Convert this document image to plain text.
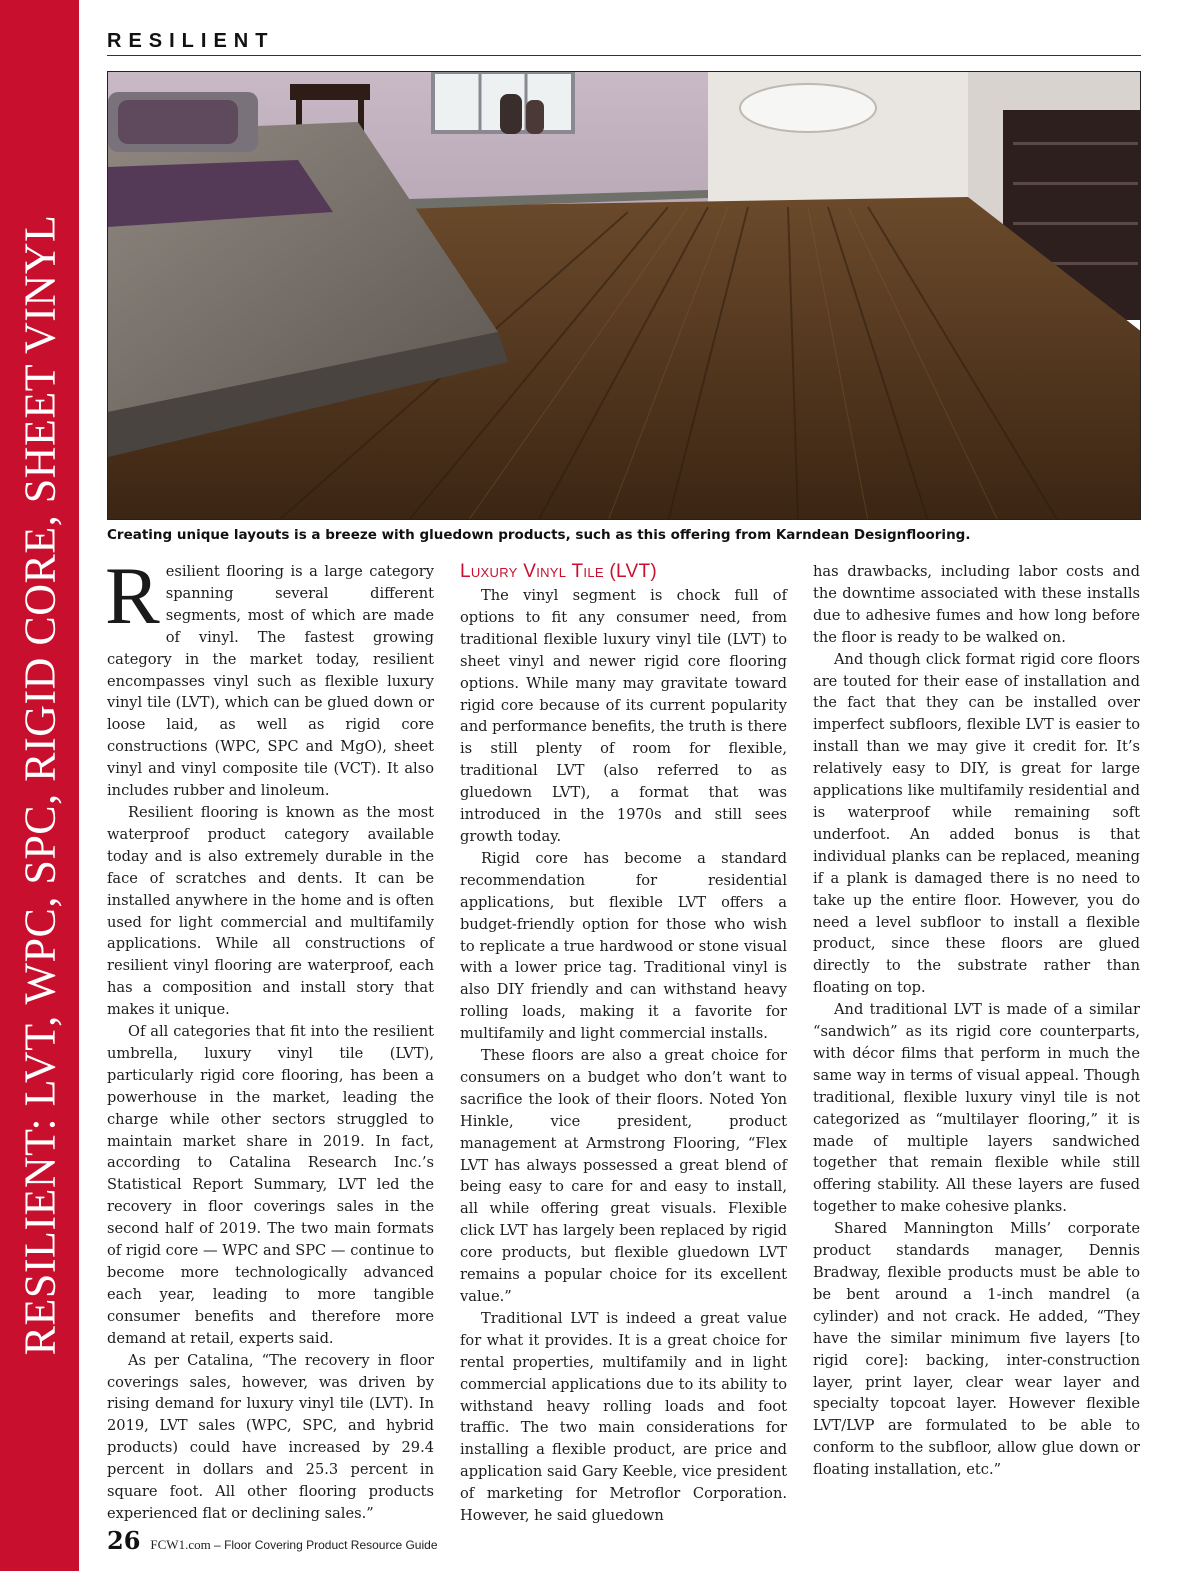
RESILIENT: LVT, WPC, SPC, RIGID CORE, SHEET VINYL
RESILIENT
Creating unique layouts is a breeze with gluedown products, such as this offering from Karndean Designflooring.

Resilient flooring is a large category spanning several different segments, most of which are made of vinyl. The fastest growing category in the market today, resilient encompasses vinyl such as flexible luxury vinyl tile (LVT), which can be glued down or loose laid, as well as rigid core constructions (WPC, SPC and MgO), sheet vinyl and vinyl composite tile (VCT). It also includes rubber and linoleum.

Resilient flooring is known as the most waterproof product category available today and is also extremely durable in the face of scratches and dents. It can be installed anywhere in the home and is often used for light commercial and multifamily applications. While all constructions of resilient vinyl flooring are waterproof, each has a composition and install story that makes it unique.

Of all categories that fit into the resilient umbrella, luxury vinyl tile (LVT), particularly rigid core flooring, has been a powerhouse in the market, leading the charge while other sectors struggled to maintain market share in 2019. In fact, according to Catalina Research Inc.’s Statistical Report Summary, LVT led the recovery in floor coverings sales in the second half of 2019. The two main formats of rigid core — WPC and SPC — continue to become more technologically advanced each year, leading to more tangible consumer benefits and therefore more demand at retail, experts said.

As per Catalina, “The recovery in floor coverings sales, however, was driven by rising demand for luxury vinyl tile (LVT). In 2019, LVT sales (WPC, SPC, and hybrid products) could have increased by 29.4 percent in dollars and 25.3 percent in square foot. All other flooring products experienced flat or declining sales.”

Luxury Vinyl Tile (LVT)

The vinyl segment is chock full of options to fit any consumer need, from traditional flexible luxury vinyl tile (LVT) to sheet vinyl and newer rigid core flooring options. While many may gravitate toward rigid core because of its current popularity and performance benefits, the truth is there is still plenty of room for flexible, traditional LVT (also referred to as gluedown LVT), a format that was introduced in the 1970s and still sees growth today.

Rigid core has become a standard recommendation for residential applications, but flexible LVT offers a budget-friendly option for those who wish to replicate a true hardwood or stone visual with a lower price tag. Traditional vinyl is also DIY friendly and can withstand heavy rolling loads, making it a favorite for multifamily and light commercial installs.

These floors are also a great choice for consumers on a budget who don’t want to sacrifice the look of their floors. Noted Yon Hinkle, vice president, product management at Armstrong Flooring, “Flex LVT has always possessed a great blend of being easy to care for and easy to install, all while offering great visuals. Flexible click LVT has largely been replaced by rigid core products, but flexible gluedown LVT remains a popular choice for its excellent value.”

Traditional LVT is indeed a great value for what it provides. It is a great choice for rental properties, multifamily and in light commercial applications due to its ability to withstand heavy rolling loads and foot traffic. The two main considerations for installing a flexible product, are price and application said Gary Keeble, vice president of marketing for Metroflor Corporation. However, he said gluedown

has drawbacks, including labor costs and the downtime associated with these installs due to adhesive fumes and how long before the floor is ready to be walked on.

And though click format rigid core floors are touted for their ease of installation and the fact that they can be installed over imperfect subfloors, flexible LVT is easier to install than we may give it credit for. It’s relatively easy to DIY, is great for large applications like multifamily residential and is waterproof while remaining soft underfoot. An added bonus is that individual planks can be replaced, meaning if a plank is damaged there is no need to take up the entire floor. However, you do need a level subfloor to install a flexible product, since these floors are glued directly to the substrate rather than floating on top.

And traditional LVT is made of a similar “sandwich” as its rigid core counterparts, with décor films that perform in much the same way in terms of visual appeal. Though traditional, flexible luxury vinyl tile is not categorized as “multilayer flooring,” it is made of multiple layers sandwiched together that remain flexible while still offering stability. All these layers are fused together to make cohesive planks.

Shared Mannington Mills’ corporate product standards manager, Dennis Bradway, flexible products must be able to be bent around a 1-inch mandrel (a cylinder) and not crack. He added, “They have the similar minimum five layers [to rigid core]: backing, inter-construction layer, print layer, clear wear layer and specialty topcoat layer. However flexible LVT/LVP are formulated to be able to conform to the subfloor, allow glue down or floating installation, etc.”

26 FCW1.com – Floor Covering Product Resource Guide
